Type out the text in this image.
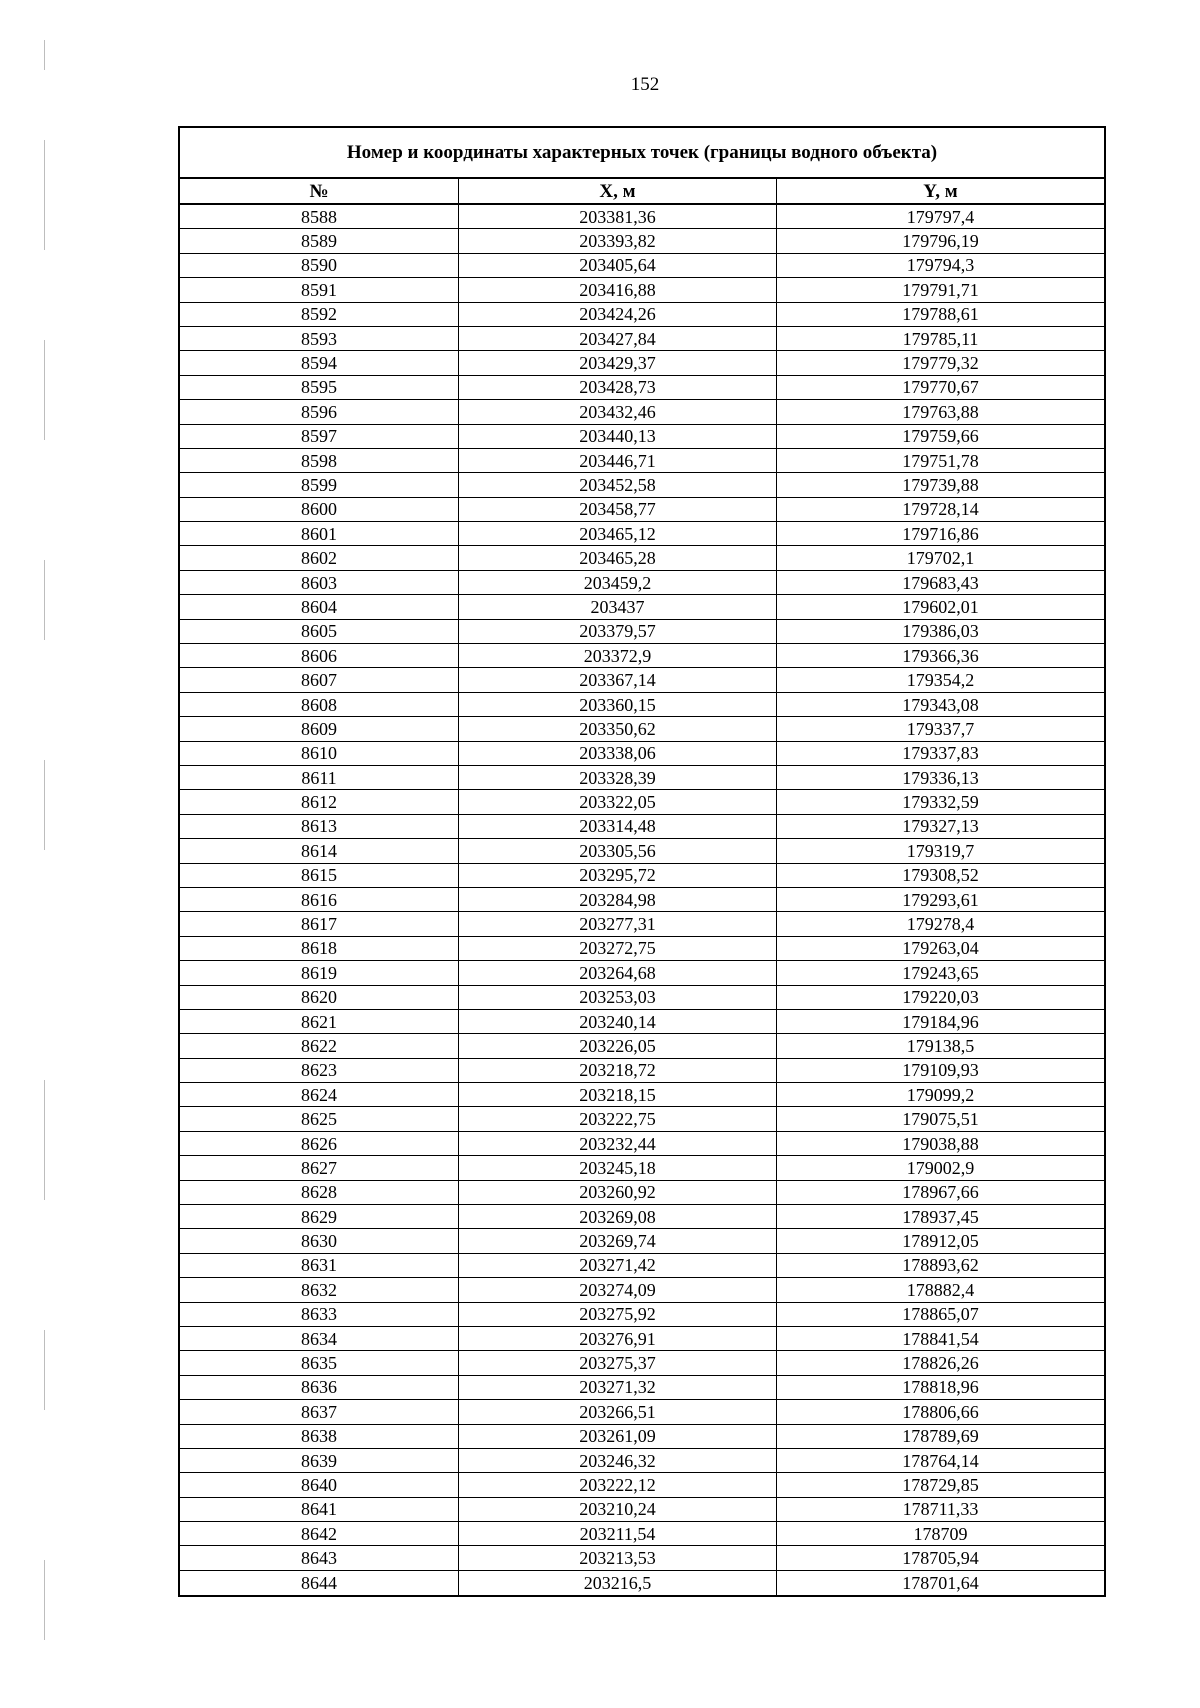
152
Номер и координаты характерных точек (границы водного объекта)
№	X, м	Y, м
8588	203381,36	179797,4
8589	203393,82	179796,19
8590	203405,64	179794,3
8591	203416,88	179791,71
8592	203424,26	179788,61
8593	203427,84	179785,11
8594	203429,37	179779,32
8595	203428,73	179770,67
8596	203432,46	179763,88
8597	203440,13	179759,66
8598	203446,71	179751,78
8599	203452,58	179739,88
8600	203458,77	179728,14
8601	203465,12	179716,86
8602	203465,28	179702,1
8603	203459,2	179683,43
8604	203437	179602,01
8605	203379,57	179386,03
8606	203372,9	179366,36
8607	203367,14	179354,2
8608	203360,15	179343,08
8609	203350,62	179337,7
8610	203338,06	179337,83
8611	203328,39	179336,13
8612	203322,05	179332,59
8613	203314,48	179327,13
8614	203305,56	179319,7
8615	203295,72	179308,52
8616	203284,98	179293,61
8617	203277,31	179278,4
8618	203272,75	179263,04
8619	203264,68	179243,65
8620	203253,03	179220,03
8621	203240,14	179184,96
8622	203226,05	179138,5
8623	203218,72	179109,93
8624	203218,15	179099,2
8625	203222,75	179075,51
8626	203232,44	179038,88
8627	203245,18	179002,9
8628	203260,92	178967,66
8629	203269,08	178937,45
8630	203269,74	178912,05
8631	203271,42	178893,62
8632	203274,09	178882,4
8633	203275,92	178865,07
8634	203276,91	178841,54
8635	203275,37	178826,26
8636	203271,32	178818,96
8637	203266,51	178806,66
8638	203261,09	178789,69
8639	203246,32	178764,14
8640	203222,12	178729,85
8641	203210,24	178711,33
8642	203211,54	178709
8643	203213,53	178705,94
8644	203216,5	178701,64
